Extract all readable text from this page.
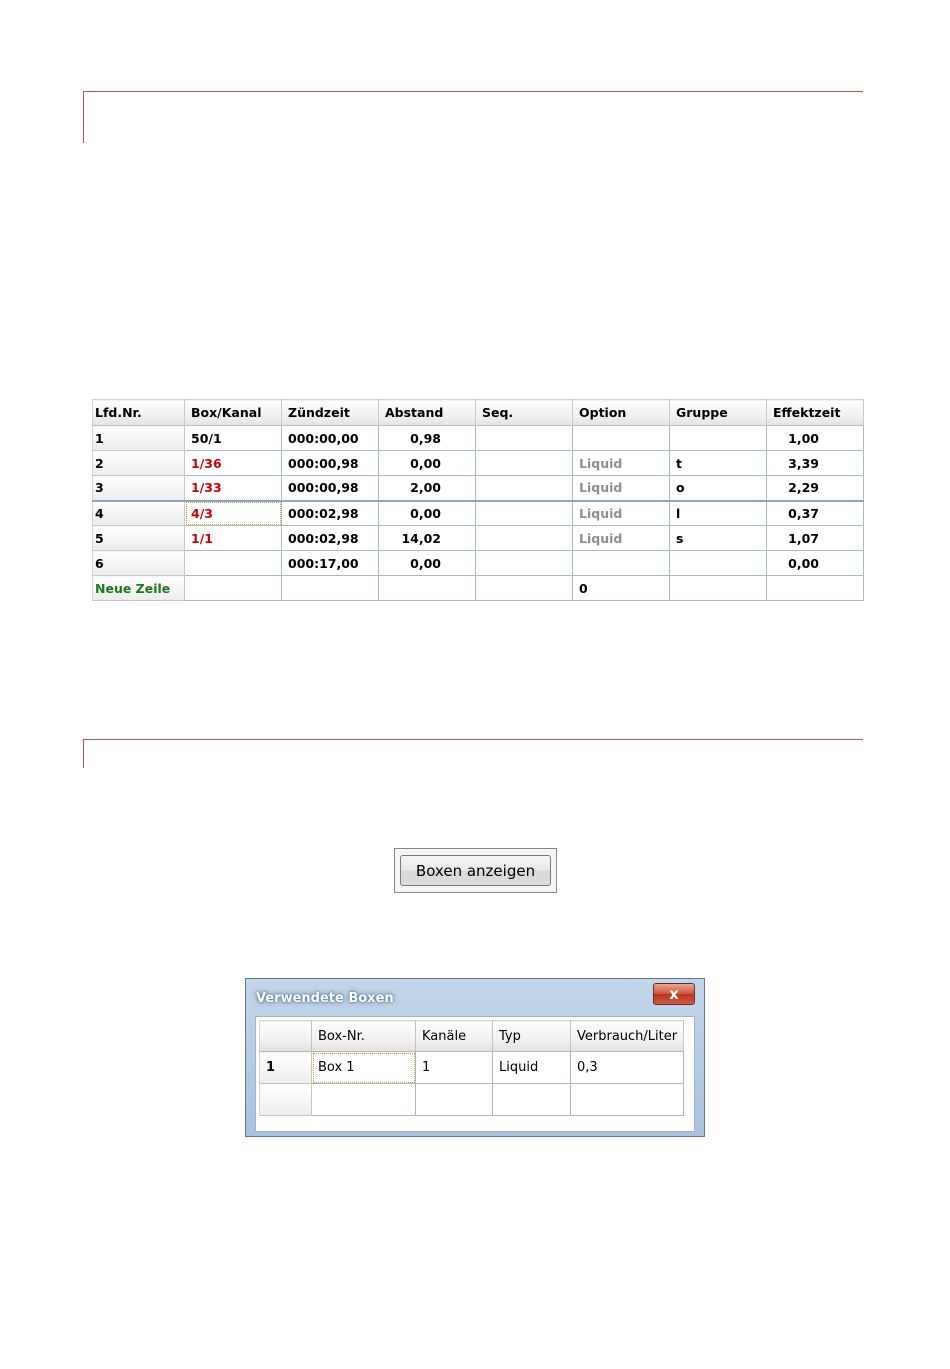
Lfd.Nr.	Box/Kanal	Zündzeit	Abstand	Seq.	Option	Gruppe	Effektzeit
1	50/1	000:00,00	0,98				1,00
2	1/36	000:00,98	0,00		Liquid	t	3,39
3	1/33	000:00,98	2,00		Liquid	o	2,29
4	4/3	000:02,98	0,00		Liquid	l	0,37
5	1/1	000:02,98	14,02		Liquid	s	1,07
6		000:17,00	0,00				0,00
Neue Zeile					0		
Boxen anzeigen
Verwendete Boxen	x
	Box-Nr.	Kanäle	Typ	Verbrauch/Liter
1	Box 1	1	Liquid	0,3
